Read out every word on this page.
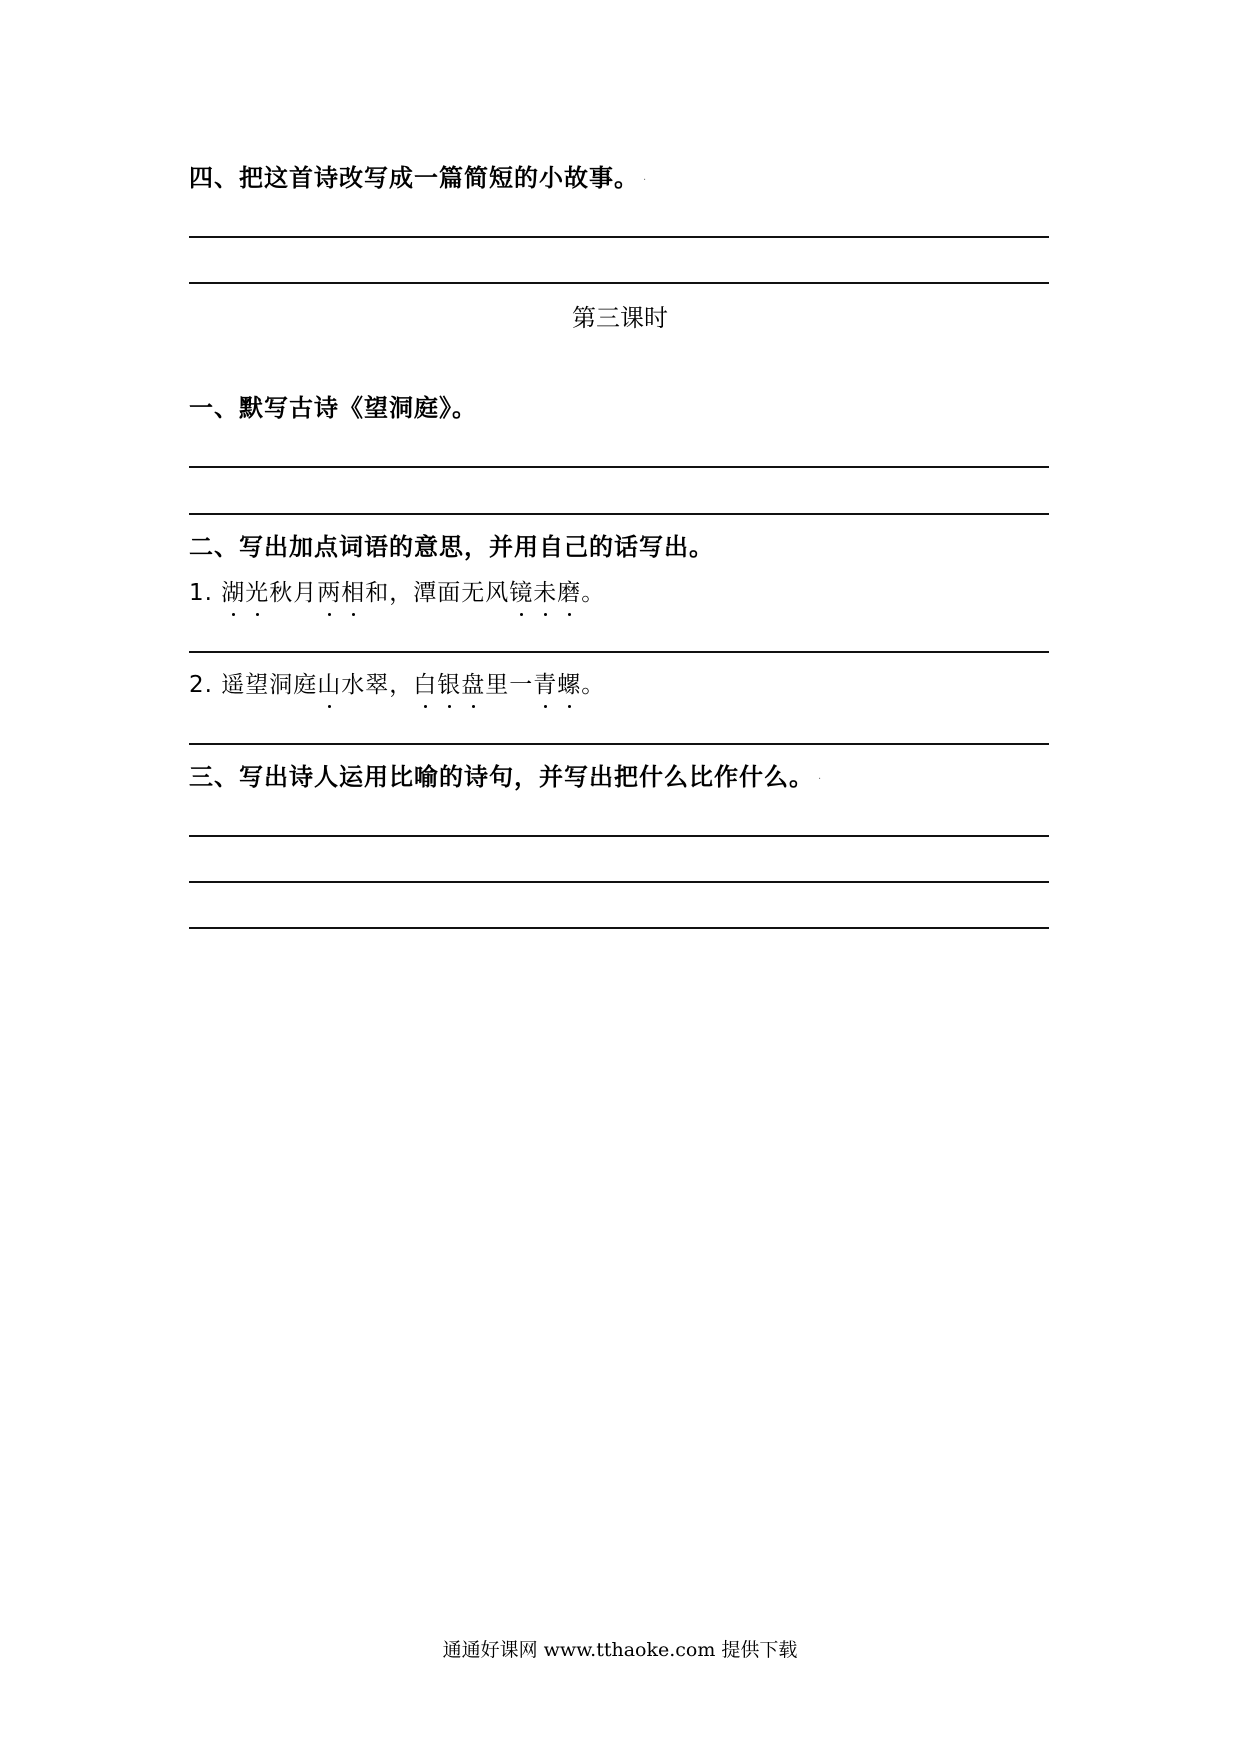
四、把这首诗改写成一篇简短的小故事。 .
第三课时
一、默写古诗《望洞庭》。
二、写出加点词语的意思，并用自己的话写出。
1. 湖光秋月两相和，潭面无风镜未磨。
2. 遥望洞庭山水翠，白银盘里一青螺。
三、写出诗人运用比喻的诗句，并写出把什么比作什么。 .
通通好课网 www.tthaoke.com 提供下载
